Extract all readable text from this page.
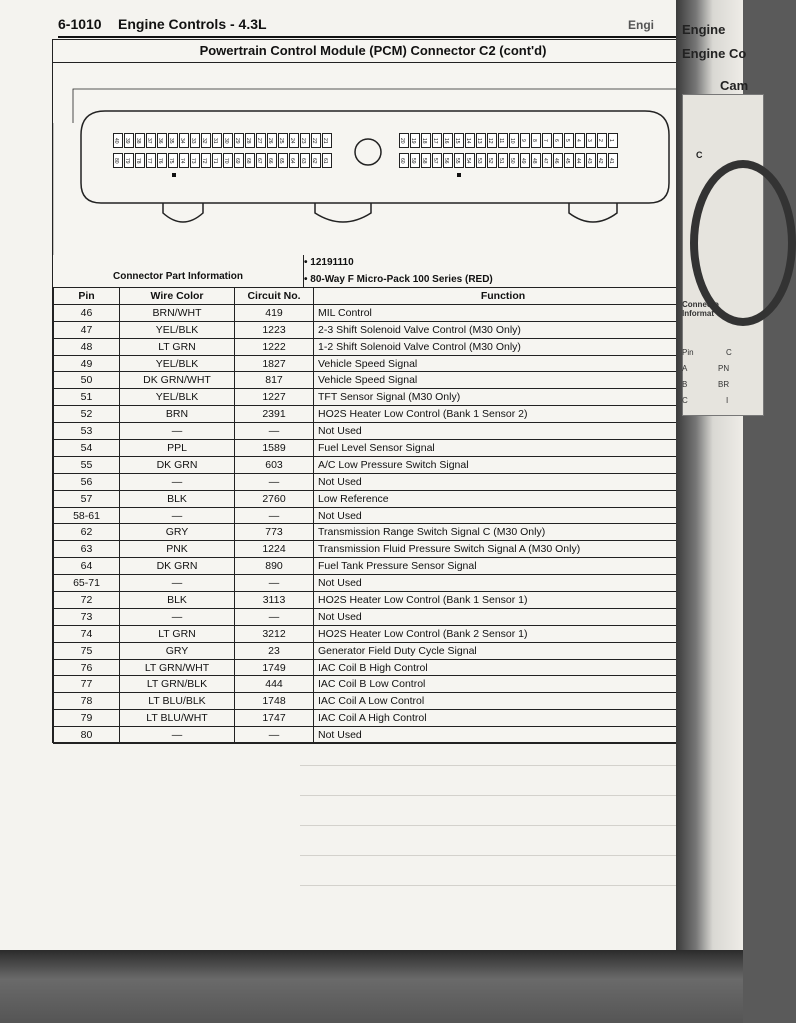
6-1010 Engine Controls - 4.3L	Engi
Powertrain Control Module (PCM) Connector C2 (cont'd)
40	39	38	37	36	35	34	33	32	31	30	29	28	27	26	25	24	23	22	21
80	79	78	77	76	75	74	73	72	71	70	69	68	67	66	65	64	63	62	61
20	19	18	17	16	15	14	13	12	11	10	9	8	7	6	5	4	3	2	1
60	59	58	57	56	55	54	53	52	51	50	49	48	47	46	45	44	43	42	41
Connector Part Information
• 12191110
• 80-Way F Micro-Pack 100 Series (RED)
Pin	Wire Color	Circuit No.	Function
46	BRN/WHT	419	MIL Control
47	YEL/BLK	1223	2-3 Shift Solenoid Valve Control (M30 Only)
48	LT GRN	1222	1-2 Shift Solenoid Valve Control (M30 Only)
49	YEL/BLK	1827	Vehicle Speed Signal
50	DK GRN/WHT	817	Vehicle Speed Signal
51	YEL/BLK	1227	TFT Sensor Signal (M30 Only)
52	BRN	2391	HO2S Heater Low Control (Bank 1 Sensor 2)
53	—	—	Not Used
54	PPL	1589	Fuel Level Sensor Signal
55	DK GRN	603	A/C Low Pressure Switch Signal
56	—	—	Not Used
57	BLK	2760	Low Reference
58-61	—	—	Not Used
62	GRY	773	Transmission Range Switch Signal C (M30 Only)
63	PNK	1224	Transmission Fluid Pressure Switch Signal A (M30 Only)
64	DK GRN	890	Fuel Tank Pressure Sensor Signal
65-71	—	—	Not Used
72	BLK	3113	HO2S Heater Low Control (Bank 1 Sensor 1)
73	—	—	Not Used
74	LT GRN	3212	HO2S Heater Low Control (Bank 2 Sensor 1)
75	GRY	23	Generator Field Duty Cycle Signal
76	LT GRN/WHT	1749	IAC Coil B High Control
77	LT GRN/BLK	444	IAC Coil B Low Control
78	LT BLU/BLK	1748	IAC Coil A Low Control
79	LT BLU/WHT	1747	IAC Coil A High Control
80	—	—	Not Used
Engine
Engine Co
Cam
C
Connecto Informat
Pin	C
A	PN
B	BR
C	I
